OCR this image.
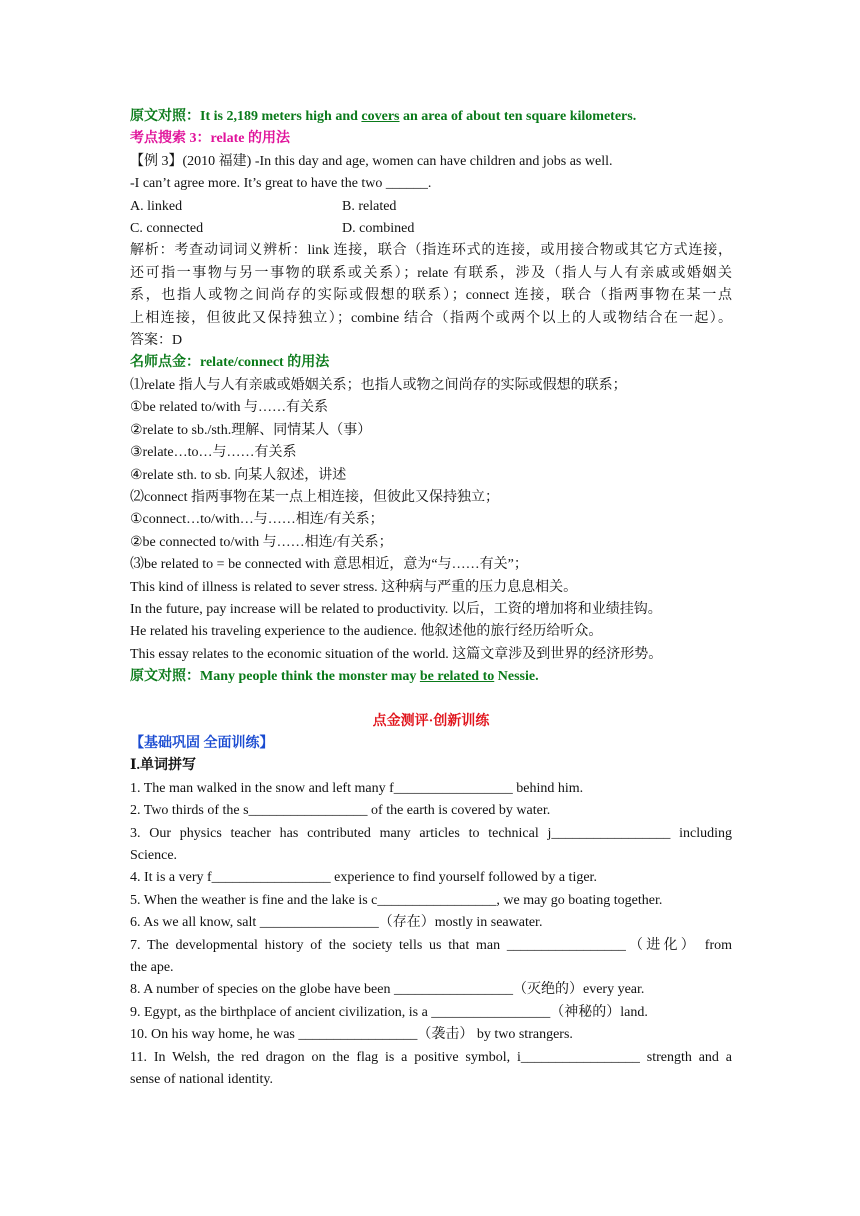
原文对照：It is 2,189 meters high and covers an area of about ten square kilometers.
考点搜索 3：relate 的用法
【例 3】(2010 福建) -In this day and age, women can have children and jobs as well.
-I can’t agree more. It’s great to have the two ______.
A. linked	B. related
C. connected	D. combined
解析：考查动词词义辨析：link 连接，联合（指连环式的连接，或用接合物或其它方式连接，
还可指一事物与另一事物的联系或关系）；relate 有联系，涉及（指人与人有亲戚或婚姻关
系，也指人或物之间尚存的实际或假想的联系）；connect 连接，联合（指两事物在某一点
上相连接，但彼此又保持独立）；combine 结合（指两个或两个以上的人或物结合在一起）。
答案：D
名师点金：relate/connect 的用法
⑴relate 指人与人有亲戚或婚姻关系；也指人或物之间尚存的实际或假想的联系；
①be related to/with 与……有关系
②relate to sb./sth.理解、同情某人（事）
③relate…to…与……有关系
④relate sth. to sb. 向某人叙述，讲述
⑵connect 指两事物在某一点上相连接，但彼此又保持独立；
①connect…to/with…与……相连/有关系；
②be connected to/with 与……相连/有关系；
⑶be related to = be connected with 意思相近，意为“与……有关”；
This kind of illness is related to sever stress. 这种病与严重的压力息息相关。
In the future, pay increase will be related to productivity. 以后，工资的增加将和业绩挂钩。
He related his traveling experience to the audience. 他叙述他的旅行经历给听众。
This essay relates to the economic situation of the world. 这篇文章涉及到世界的经济形势。
原文对照：Many people think the monster may be related to Nessie.
点金测评·创新训练
【基础巩固 全面训练】
Ⅰ.单词拼写
1. The man walked in the snow and left many f_________________ behind him.
2. Two thirds of the s_________________ of the earth is covered by water.
3. Our physics teacher has contributed many articles to technical j_________________ including
Science.
4. It is a very f_________________ experience to find yourself followed by a tiger.
5. When the weather is fine and the lake is c_________________, we may go boating together.
6. As we all know, salt _________________（存在）mostly in seawater.
7. The developmental history of the society tells us that man _________________（进化） from
the ape.
8. A number of species on the globe have been _________________（灭绝的）every year.
9. Egypt, as the birthplace of ancient civilization, is a _________________（神秘的）land.
10. On his way home, he was _________________（袭击） by two strangers.
11. In Welsh, the red dragon on the flag is a positive symbol, i_________________ strength and a
sense of national identity.
